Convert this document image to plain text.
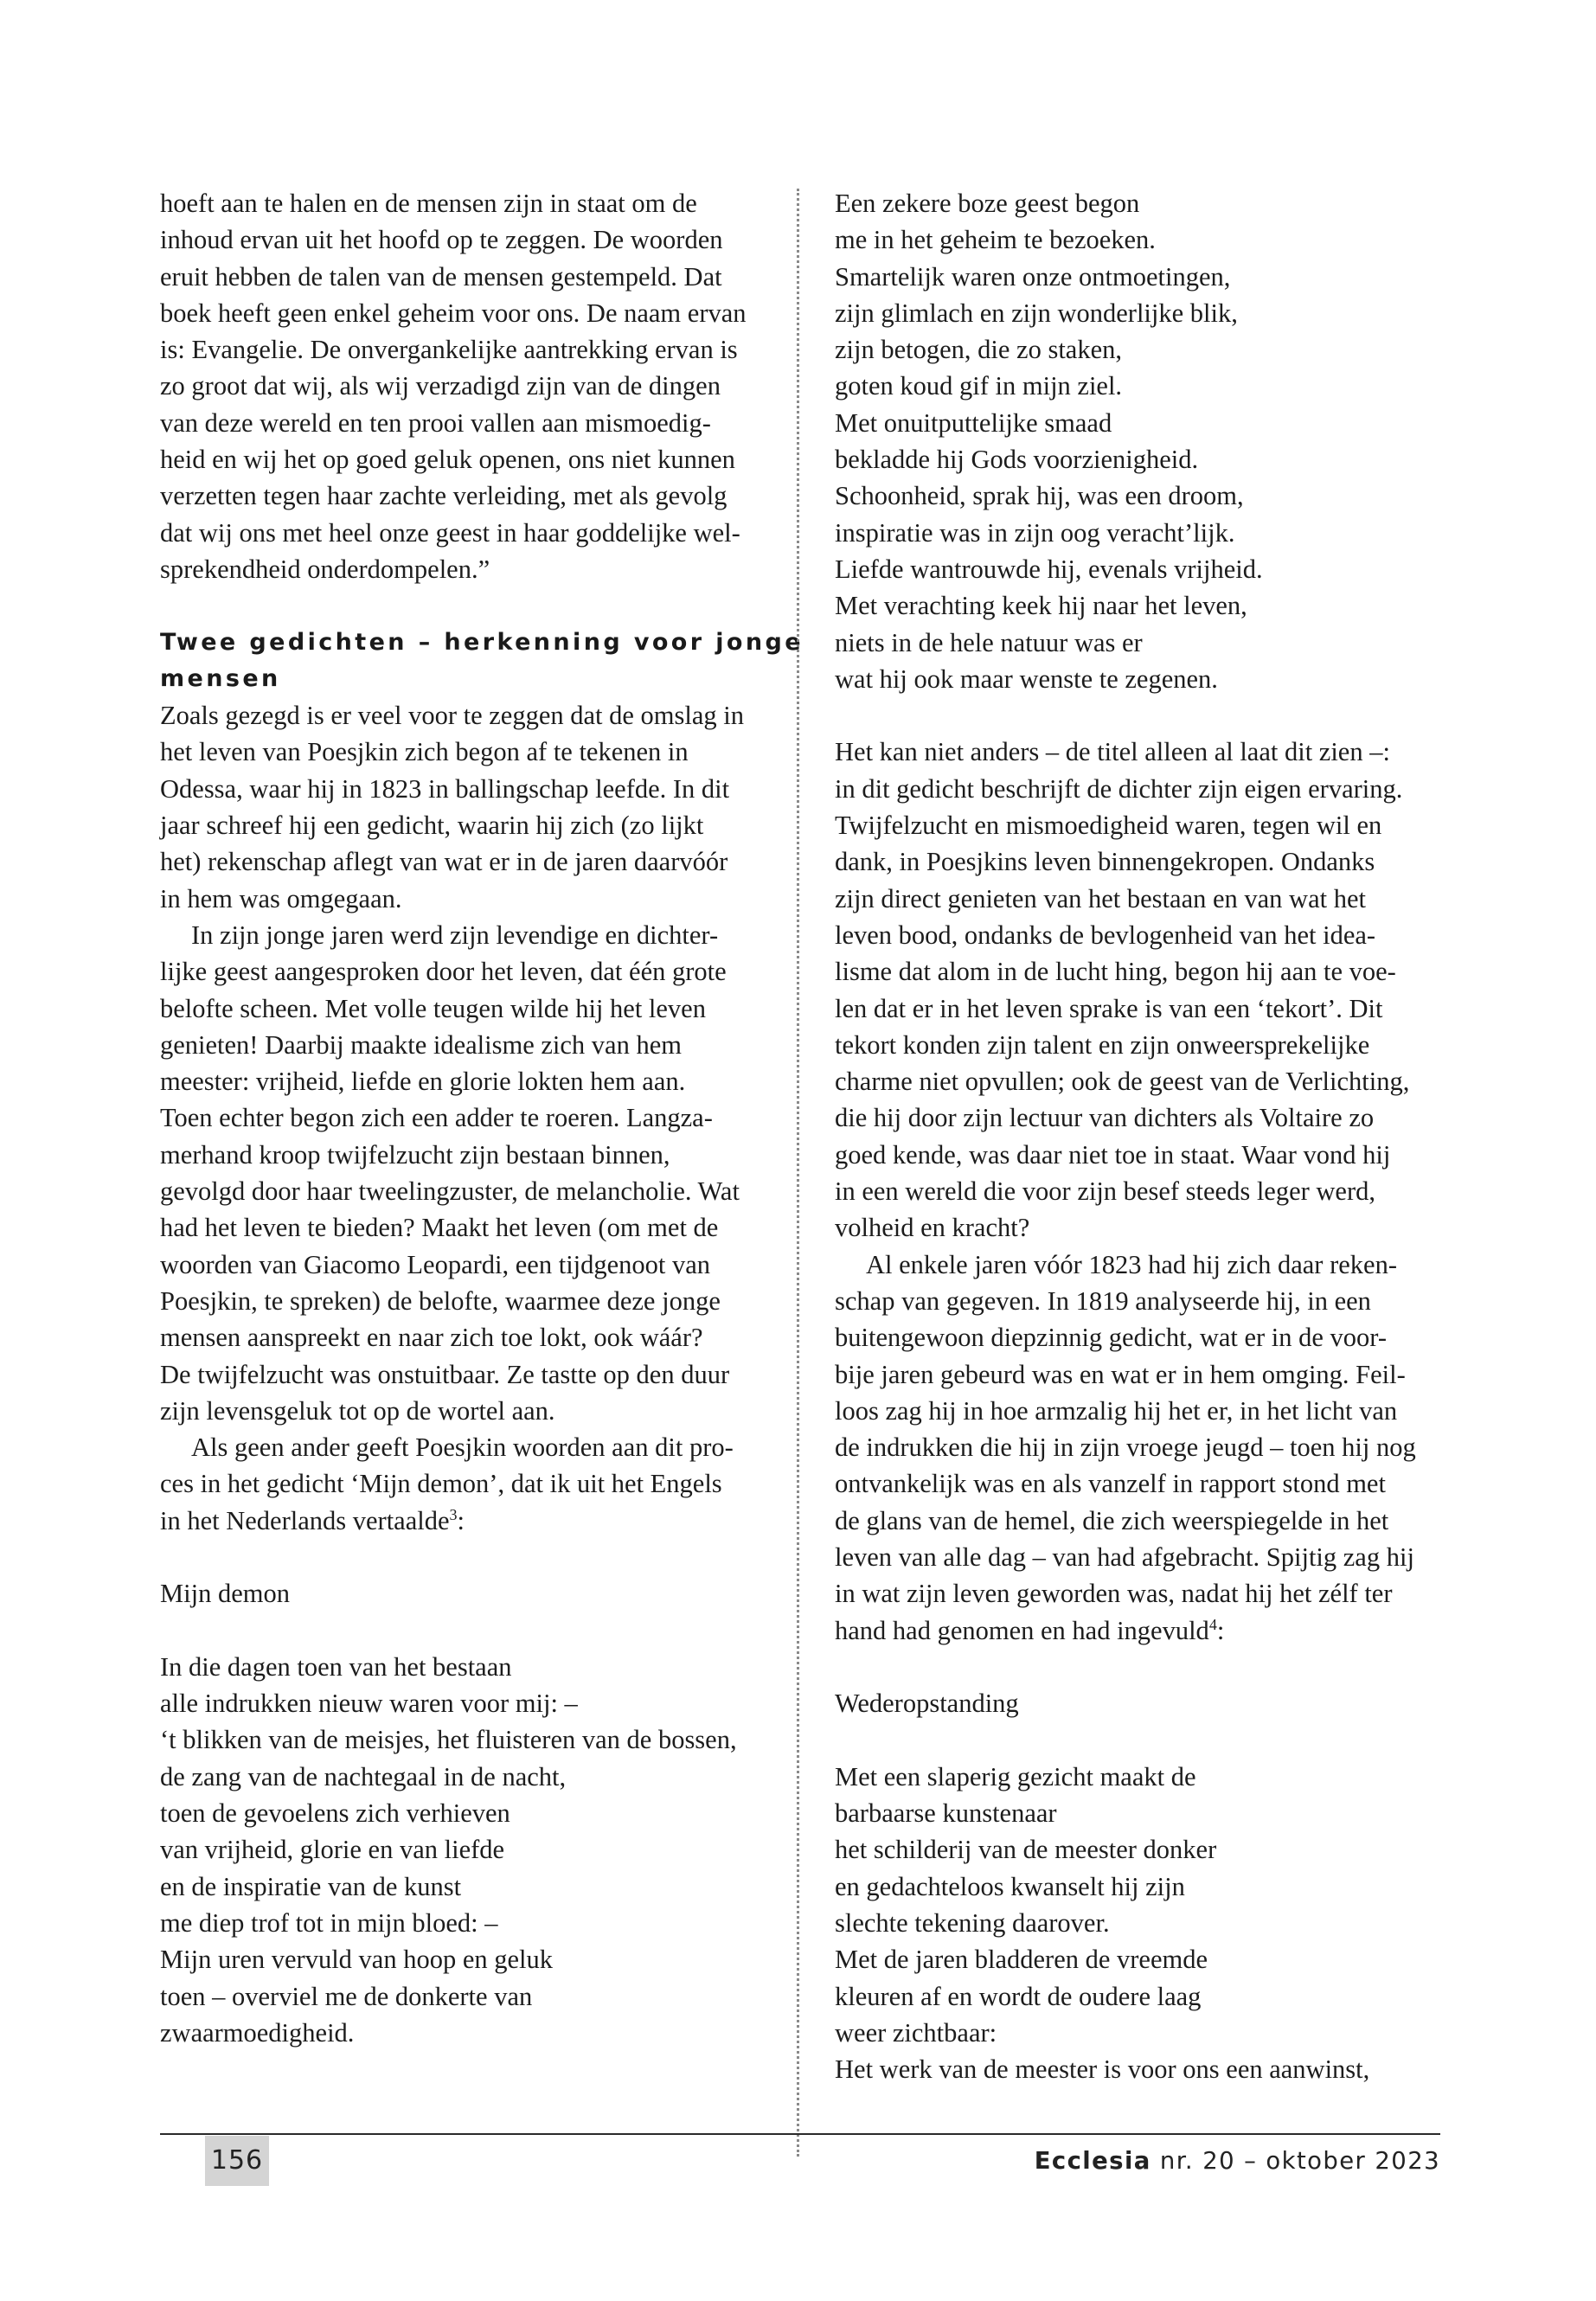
hoeft aan te halen en de mensen zijn in staat om de
inhoud ervan uit het hoofd op te zeggen. De woorden
eruit hebben de talen van de mensen gestempeld. Dat
boek heeft geen enkel geheim voor ons. De naam ervan
is: Evangelie. De onvergankelijke aantrekking ervan is
zo groot dat wij, als wij verzadigd zijn van de dingen
van deze wereld en ten prooi vallen aan mismoedig-
heid en wij het op goed geluk openen, ons niet kunnen
verzetten tegen haar zachte verleiding, met als gevolg
dat wij ons met heel onze geest in haar goddelijke wel-
sprekendheid onderdompelen.”
Twee gedichten – herkenning voor jonge
mensen
Zoals gezegd is er veel voor te zeggen dat de omslag in
het leven van Poesjkin zich begon af te tekenen in
Odessa, waar hij in 1823 in ballingschap leefde. In dit
jaar schreef hij een gedicht, waarin hij zich (zo lijkt
het) rekenschap aflegt van wat er in de jaren daarvóór
in hem was omgegaan.
In zijn jonge jaren werd zijn levendige en dichter-
lijke geest aangesproken door het leven, dat één grote
belofte scheen. Met volle teugen wilde hij het leven
genieten! Daarbij maakte idealisme zich van hem
meester: vrijheid, liefde en glorie lokten hem aan.
Toen echter begon zich een adder te roeren. Langza-
merhand kroop twijfelzucht zijn bestaan binnen,
gevolgd door haar tweelingzuster, de melancholie. Wat
had het leven te bieden? Maakt het leven (om met de
woorden van Giacomo Leopardi, een tijdgenoot van
Poesjkin, te spreken) de belofte, waarmee deze jonge
mensen aanspreekt en naar zich toe lokt, ook wáár?
De twijfelzucht was onstuitbaar. Ze tastte op den duur
zijn levensgeluk tot op de wortel aan.
Als geen ander geeft Poesjkin woorden aan dit pro-
ces in het gedicht ‘Mijn demon’, dat ik uit het Engels
in het Nederlands vertaalde$^3$:
Mijn demon
In die dagen toen van het bestaan
alle indrukken nieuw waren voor mij: –
‘t blikken van de meisjes, het fluisteren van de bossen,
de zang van de nachtegaal in de nacht,
toen de gevoelens zich verhieven
van vrijheid, glorie en van liefde
en de inspiratie van de kunst
me diep trof tot in mijn bloed: –
Mijn uren vervuld van hoop en geluk
toen – overviel me de donkerte van
zwaarmoedigheid.
Een zekere boze geest begon
me in het geheim te bezoeken.
Smartelijk waren onze ontmoetingen,
zijn glimlach en zijn wonderlijke blik,
zijn betogen, die zo staken,
goten koud gif in mijn ziel.
Met onuitputtelijke smaad
bekladde hij Gods voorzienigheid.
Schoonheid, sprak hij, was een droom,
inspiratie was in zijn oog veracht’lijk.
Liefde wantrouwde hij, evenals vrijheid.
Met verachting keek hij naar het leven,
niets in de hele natuur was er
wat hij ook maar wenste te zegenen.
Het kan niet anders – de titel alleen al laat dit zien –:
in dit gedicht beschrijft de dichter zijn eigen ervaring.
Twijfelzucht en mismoedigheid waren, tegen wil en
dank, in Poesjkins leven binnengekropen. Ondanks
zijn direct genieten van het bestaan en van wat het
leven bood, ondanks de bevlogenheid van het idea-
lisme dat alom in de lucht hing, begon hij aan te voe-
len dat er in het leven sprake is van een ‘tekort’. Dit
tekort konden zijn talent en zijn onweersprekelijke
charme niet opvullen; ook de geest van de Verlichting,
die hij door zijn lectuur van dichters als Voltaire zo
goed kende, was daar niet toe in staat. Waar vond hij
in een wereld die voor zijn besef steeds leger werd,
volheid en kracht?
Al enkele jaren vóór 1823 had hij zich daar reken-
schap van gegeven. In 1819 analyseerde hij, in een
buitengewoon diepzinnig gedicht, wat er in de voor-
bije jaren gebeurd was en wat er in hem omging. Feil-
loos zag hij in hoe armzalig hij het er, in het licht van
de indrukken die hij in zijn vroege jeugd – toen hij nog
ontvankelijk was en als vanzelf in rapport stond met
de glans van de hemel, die zich weerspiegelde in het
leven van alle dag – van had afgebracht. Spijtig zag hij
in wat zijn leven geworden was, nadat hij het zélf ter
hand had genomen en had ingevuld$^4$:
Wederopstanding
Met een slaperig gezicht maakt de
barbaarse kunstenaar
het schilderij van de meester donker
en gedachteloos kwanselt hij zijn
slechte tekening daarover.
Met de jaren bladderen de vreemde
kleuren af en wordt de oudere laag
weer zichtbaar:
Het werk van de meester is voor ons een aanwinst,
156	Ecclesia nr. 20 – oktober 2023
